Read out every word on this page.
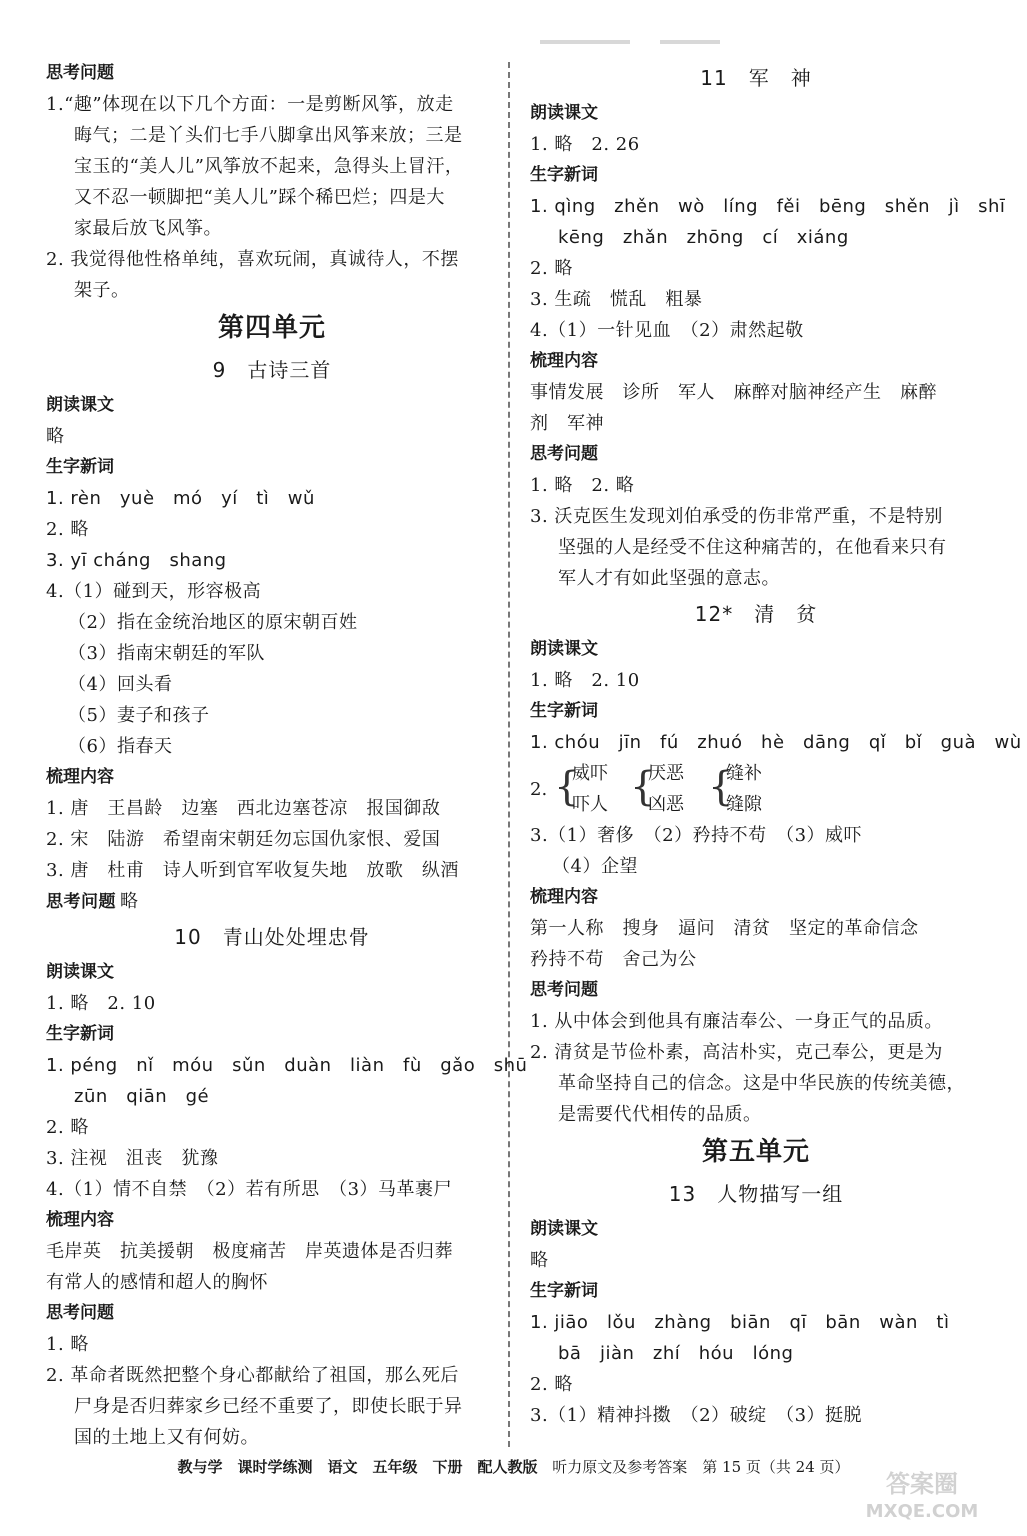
思考问题
1.“趣”体现在以下几个方面：一是剪断风筝，放走
晦气；二是丫头们七手八脚拿出风筝来放；三是
宝玉的“美人儿”风筝放不起来，急得头上冒汗，
又不忍一顿脚把“美人儿”踩个稀巴烂；四是大
家最后放飞风筝。
2. 我觉得他性格单纯，喜欢玩闹，真诚待人，不摆
架子。
第四单元
9　古诗三首
朗读课文
略
生字新词
1. rèn　yuè　mó　yí　tì　wǔ
2. 略
3. yī cháng　shang
4.（1）碰到天，形容极高
（2）指在金统治地区的原宋朝百姓
（3）指南宋朝廷的军队
（4）回头看
（5）妻子和孩子
（6）指春天
梳理内容
1. 唐　王昌龄　边塞　西北边塞苍凉　报国御敌
2. 宋　陆游　希望南宋朝廷勿忘国仇家恨、爱国
3. 唐　杜甫　诗人听到官军收复失地　放歌　纵酒
思考问题 略
10　青山处处埋忠骨
朗读课文
1. 略　2. 10
生字新词
1. péng　nǐ　móu　sǔn　duàn　liàn　fù　gǎo　shū
zūn　qiān　gé
2. 略
3. 注视　沮丧　犹豫
4.（1）情不自禁　（2）若有所思　（3）马革裹尸
梳理内容
毛岸英　抗美援朝　极度痛苦　岸英遗体是否归葬
有常人的感情和超人的胸怀
思考问题
1. 略
2. 革命者既然把整个身心都献给了祖国，那么死后
尸身是否归葬家乡已经不重要了，即使长眠于异
国的土地上又有何妨。
11　军　神
朗读课文
1. 略　2. 26
生字新词
1. qìng　zhěn　wò　líng　fěi　bēng　shěn　jì　shī
kēng　zhǎn　zhōng　cí　xiáng
2. 略
3. 生疏　慌乱　粗暴
4.（1）一针见血　（2）肃然起敬
梳理内容
事情发展　诊所　军人　麻醉对脑神经产生　麻醉
剂　军神
思考问题
1. 略　2. 略
3. 沃克医生发现刘伯承受的伤非常严重，不是特别
坚强的人是经受不住这种痛苦的，在他看来只有
军人才有如此坚强的意志。
12*　清　贫
朗读课文
1. 略　2. 10
生字新词
1. chóu　jīn　fú　zhuó　hè　dāng　qǐ　bǐ　guà　wù
2. {
威吓
吓人 {
厌恶
凶恶 {
缝补
缝隙
3.（1）奢侈　（2）矜持不苟　（3）威吓
（4）企望
梳理内容
第一人称　搜身　逼问　清贫　坚定的革命信念
矜持不苟　舍己为公
思考问题
1. 从中体会到他具有廉洁奉公、一身正气的品质。
2. 清贫是节俭朴素，高洁朴实，克己奉公，更是为
革命坚持自己的信念。这是中华民族的传统美德，
是需要代代相传的品质。
第五单元
13　人物描写一组
朗读课文
略
生字新词
1. jiāo　lǒu　zhàng　biān　qī　bān　wàn　tì
bā　jiàn　zhí　hóu　lóng
2. 略
3.（1）精神抖擞　（2）破绽　（3）挺脱
教与学　课时学练测　语文　五年级　下册　配人教版 听力原文及参考答案　第 15 页（共 24 页）
答案圈
MXQE.COM
